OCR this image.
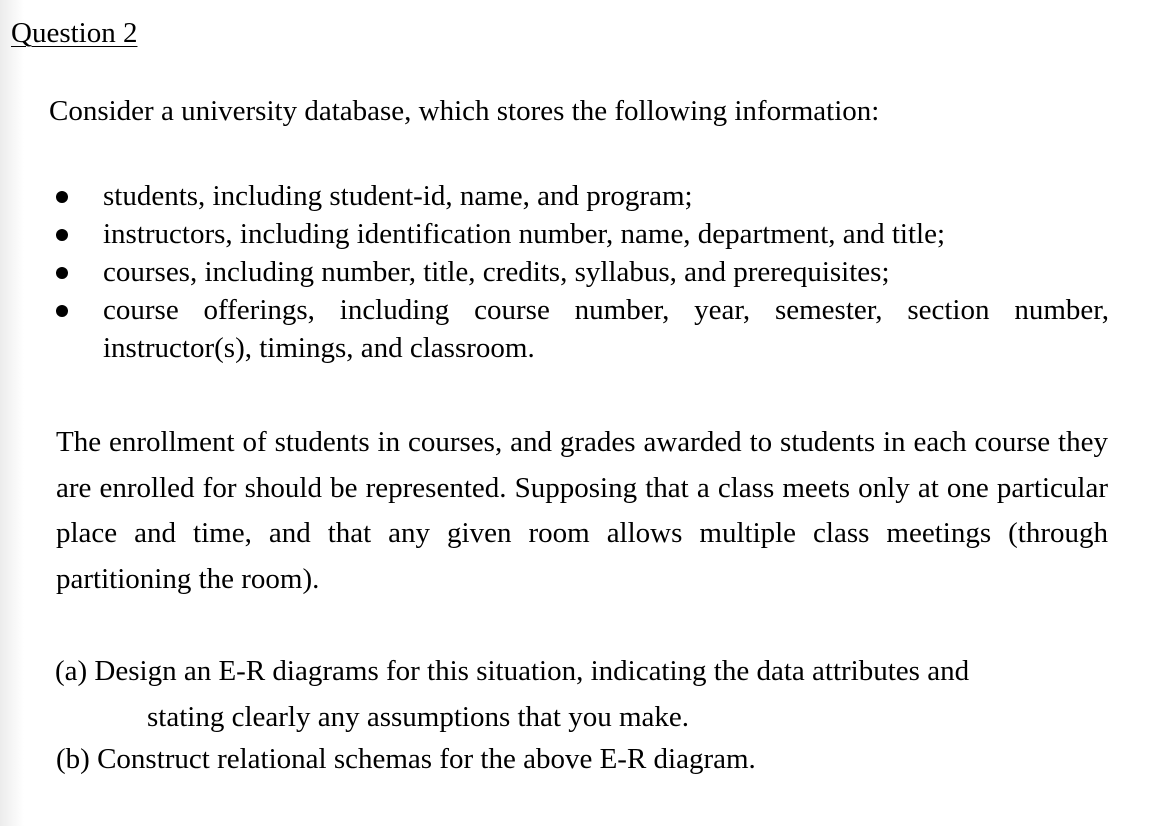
Question 2
Consider a university database, which stores the following information:
students, including student-id, name, and program;
instructors, including identification number, name, department, and title;
courses, including number, title, credits, syllabus, and prerequisites;
course offerings, including course number, year, semester, section number, instructor(s), timings, and classroom.

The enrollment of students in courses, and grades awarded to students in each course they are enrolled for should be represented. Supposing that a class meets only at one particular place and time, and that any given room allows multiple class meetings (through partitioning the room).

(a) Design an E-R diagrams for this situation, indicating the data attributes and
stating clearly any assumptions that you make.
(b) Construct relational schemas for the above E-R diagram.
